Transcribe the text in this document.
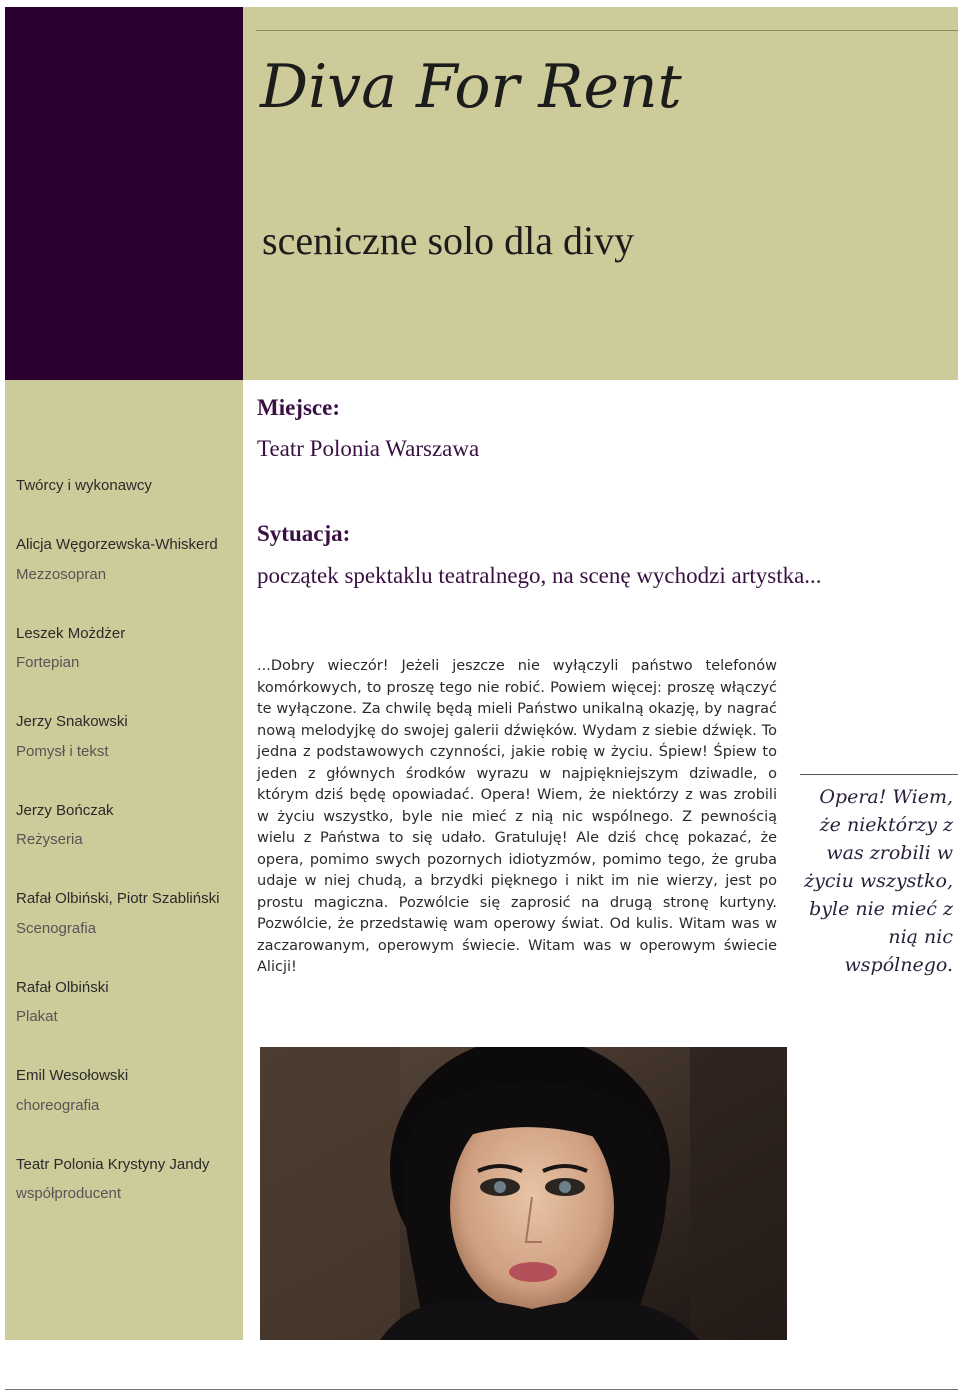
Diva For Rent
sceniczne solo dla divy
Twórcy i wykonawcy
Alicja Węgorzewska-Whiskerd
Mezzosopran
Leszek Możdżer
Fortepian
Jerzy Snakowski
Pomysł i tekst
Jerzy Bończak
Reżyseria
Rafał Olbiński, Piotr Szabliński
Scenografia
Rafał Olbiński
Plakat
Emil Wesołowski
choreografia
Teatr Polonia Krystyny Jandy
współproducent
Miejsce:
Teatr Polonia Warszawa
Sytuacja:
początek spektaklu teatralnego, na scenę wychodzi artystka...

...Dobry wieczór! Jeżeli jeszcze nie wyłączyli państwo telefonów komórkowych, to proszę tego nie robić. Powiem więcej: proszę włączyć te wyłączone. Za chwilę będą mieli Państwo unikalną okazję, by nagrać nową melodyjkę do swojej galerii dźwięków. Wydam z siebie dźwięk. To jedna z podstawowych czynności, jakie robię w życiu. Śpiew! Śpiew to jeden z głównych środków wyrazu w najpiękniejszym dziwadle, o którym dziś będę opowiadać. Opera! Wiem, że niektórzy z was zrobili w życiu wszystko, byle nie mieć z nią nic wspólnego. Z pewnością wielu z Państwa to się udało. Gratuluję! Ale dziś chcę pokazać, że opera, pomimo swych pozornych idiotyzmów, pomimo tego, że gruba udaje w niej chudą, a brzydki pięknego i nikt im nie wierzy, jest po prostu magiczna. Pozwólcie się zaprosić na drugą stronę kurtyny. Pozwólcie, że przedstawię wam operowy świat. Od kulis. Witam was w zaczarowanym, operowym świecie. Witam was w operowym świecie Alicji!

Opera! Wiem, że niektórzy z was zrobili w życiu wszystko, byle nie mieć z nią nic wspólnego.
